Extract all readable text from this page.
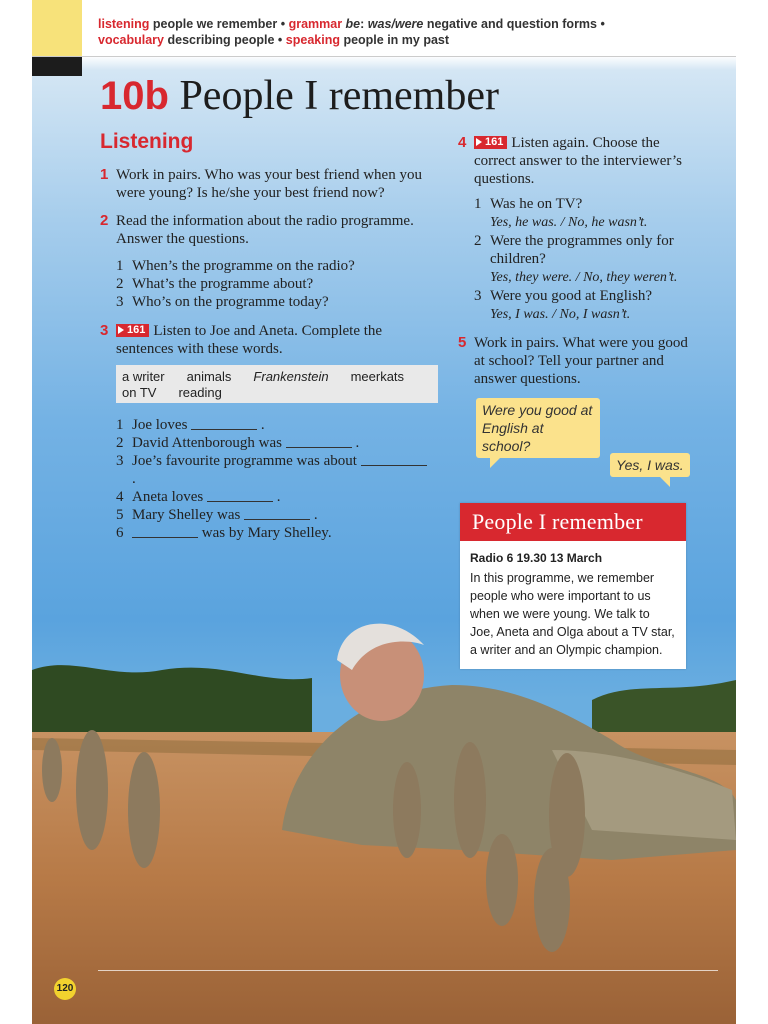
listening people we remember • grammar be: was/were negative and question forms •
vocabulary describing people • speaking people in my past
10b People I remember
Listening
1 Work in pairs. Who was your best friend when you were young? Is he/she your best friend now?
2 Read the information about the radio programme. Answer the questions.
1 When’s the programme on the radio?
2 What’s the programme about?
3 Who’s on the programme today?
3	161 Listen to Joe and Aneta. Complete the sentences with these words.
a writer animals Frankenstein meerkats
on TV reading
1 Joe loves	.
2 David Attenborough was	.
3 Joe’s favourite programme was about
.
4 Aneta loves	.
5 Mary Shelley was	.
6	was by Mary Shelley.
4	161 Listen again. Choose the correct answer to the interviewer’s questions.
1 Was he on TV?
Yes, he was. / No, he wasn’t.
2 Were the programmes only for children?
Yes, they were. / No, they weren’t.
3 Were you good at English?
Yes, I was. / No, I wasn’t.
5 Work in pairs. What were you good at school? Tell your partner and answer questions.
Were you good at English at school?
Yes, I was.
People I remember
Radio 6 19.30 13 March
In this programme, we remember people who were important to us when we were young. We talk to Joe, Aneta and Olga about a TV star, a writer and an Olympic champion.
120
